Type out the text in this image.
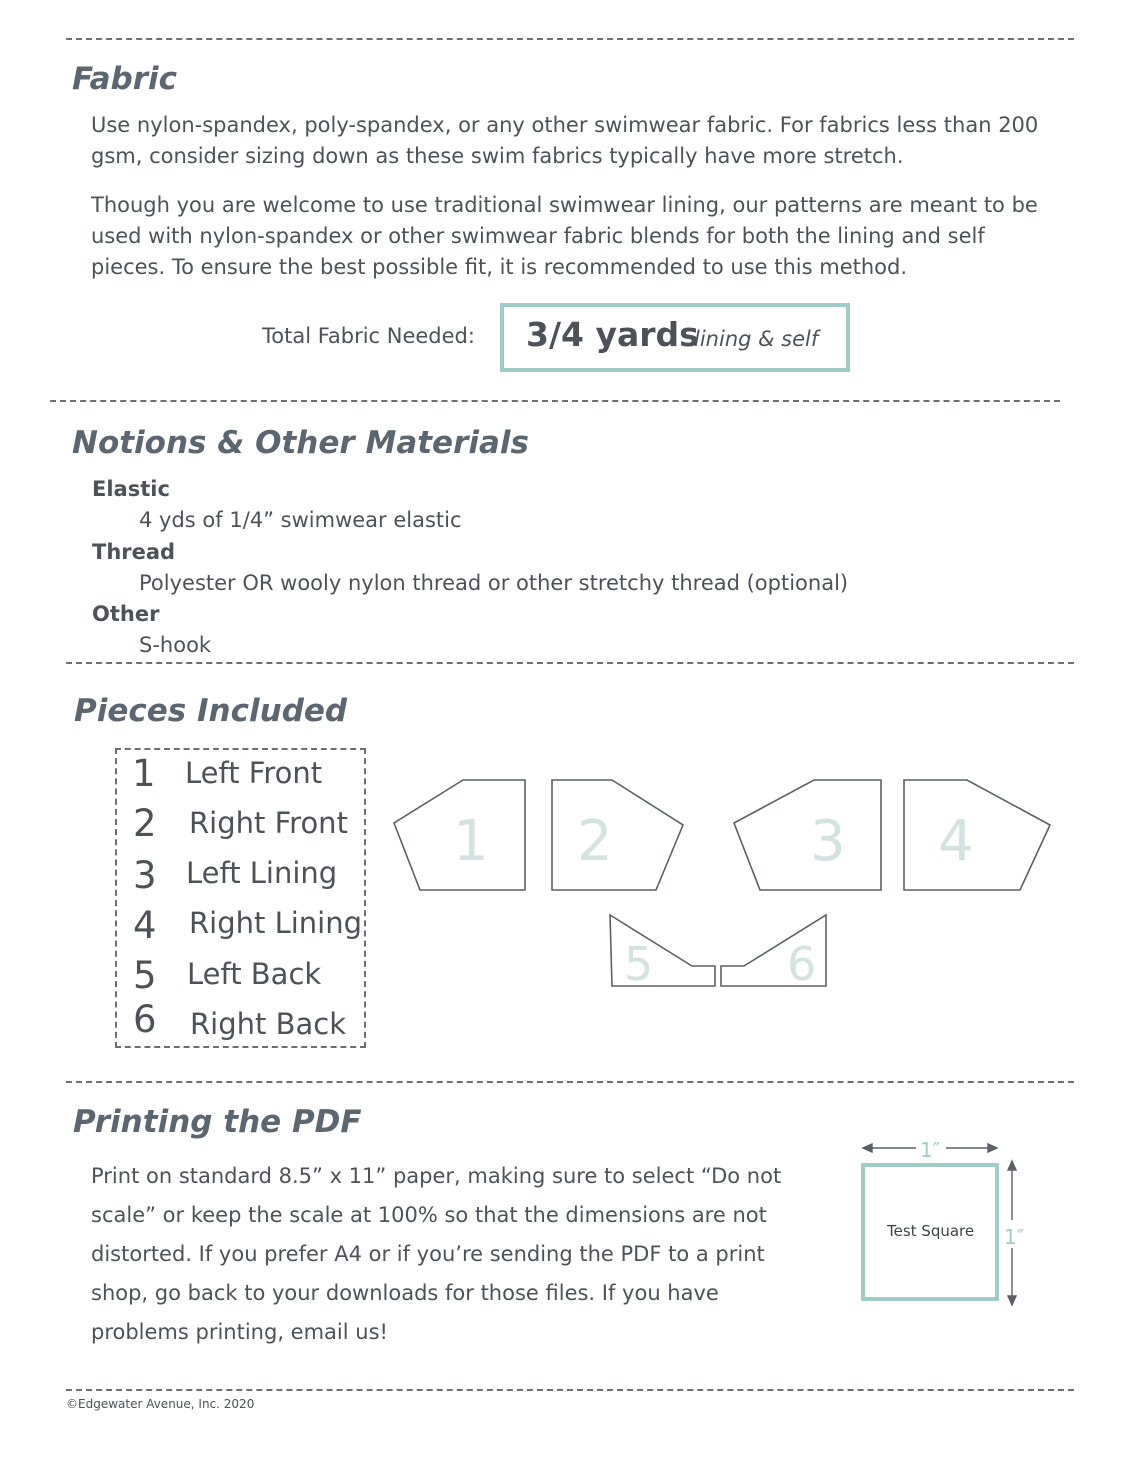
Fabric
Use nylon-spandex, poly-spandex, or any other swimwear fabric. For fabrics less than 200
gsm, consider sizing down as these swim fabrics typically have more stretch.
Though you are welcome to use traditional swimwear lining, our patterns are meant to be
used with nylon-spandex or other swimwear fabric blends for both the lining and self
pieces. To ensure the best possible fit, it is recommended to use this method.
Total Fabric Needed: 3/4 yards
lining & self
Notions & Other Materials
Elastic
4 yds of 1/4” swimwear elastic
Thread
Polyester OR wooly nylon thread or other stretchy thread (optional)
Other
S-hook
Pieces Included
1 Left Front
2 Right Front
3 Left Lining
4 Right Lining
5 Left Back
6 Right Back
1 2	3 4
5	6
Printing the PDF
Print on standard 8.5” x 11” paper, making sure to select “Do not
scale” or keep the scale at 100% so that the dimensions are not
distorted. If you prefer A4 or if you’re sending the PDF to a print
shop, go back to your downloads for those files. If you have
problems printing, email us!
Test Square
1″
1″
©Edgewater Avenue, Inc. 2020
